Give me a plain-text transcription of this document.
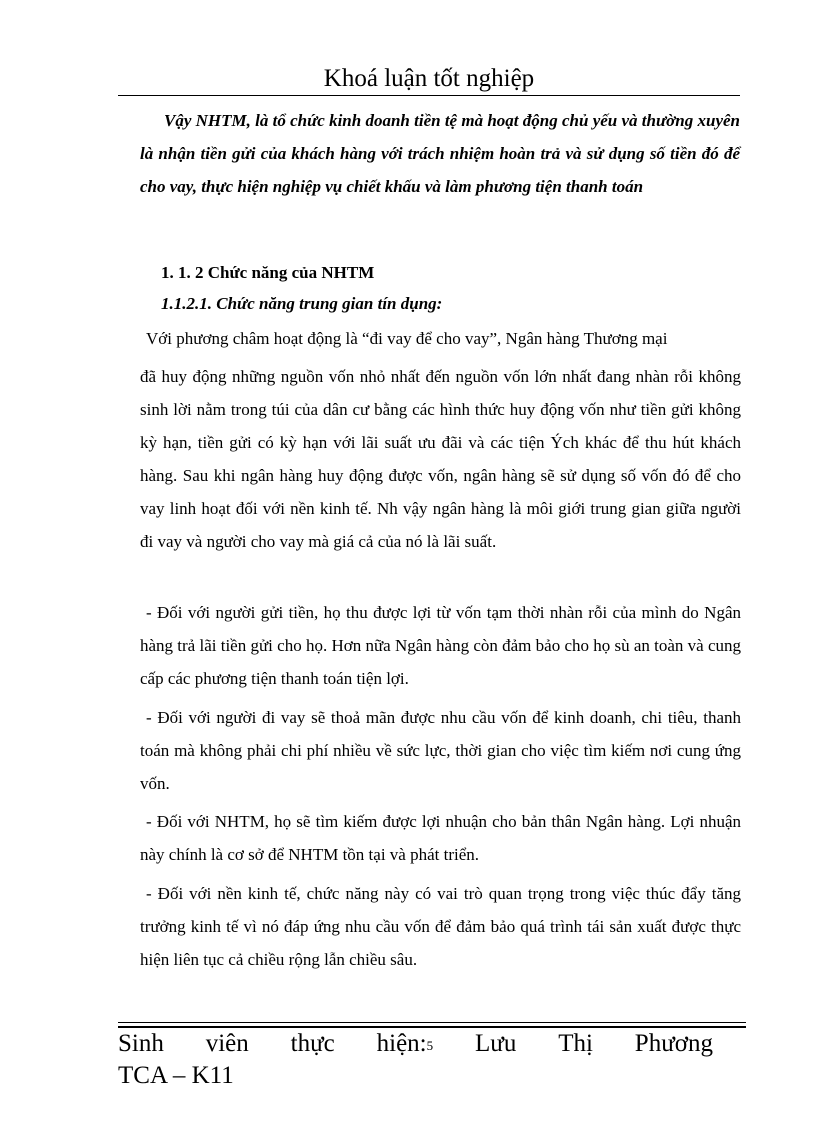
Khoá luận tốt nghiệp
Vậy NHTM, là tổ chức kinh doanh tiền tệ mà hoạt động chủ yếu và thường xuyên là nhận tiền gửi của khách hàng với trách nhiệm hoàn trả và sử dụng số tiền đó để cho vay, thực hiện nghiệp vụ chiết khấu và làm phương tiện thanh toán
1. 1. 2 Chức năng của NHTM
1.1.2.1. Chức năng trung gian tín dụng:
Với phương châm hoạt động là “đi vay để cho vay”, Ngân hàng Thương mại
đã huy động những nguồn vốn nhỏ nhất đến nguồn vốn lớn nhất đang nhàn rỗi không sinh lời nằm trong túi của dân cư bằng các hình thức huy động vốn như tiền gửi không kỳ hạn, tiền gửi có kỳ hạn với lãi suất ưu đãi và các tiện Ých khác để thu hút khách hàng. Sau khi ngân hàng huy động được vốn, ngân hàng sẽ sử dụng số vốn đó để cho vay linh hoạt đối với nền kinh tế. Nh vậy ngân hàng là môi giới trung gian giữa người đi vay và người cho vay mà giá cả của nó là lãi suất.
- Đối với người gửi tiền, họ thu được lợi từ vốn tạm thời nhàn rỗi của mình do Ngân hàng trả lãi tiền gửi cho họ. Hơn nữa Ngân hàng còn đảm bảo cho họ sù an toàn và cung cấp các phương tiện thanh toán tiện lợi.
- Đối với người đi vay sẽ thoả mãn được nhu cầu vốn để kinh doanh, chi tiêu, thanh toán mà không phải chi phí nhiều về sức lực, thời gian cho việc tìm kiếm nơi cung ứng vốn.
- Đối với NHTM, họ sẽ tìm kiếm được lợi nhuận cho bản thân Ngân hàng. Lợi nhuận này chính là cơ sở để NHTM tồn tại và phát triển.
- Đối với nền kinh tế, chức năng này có vai trò quan trọng trong việc thúc đẩy tăng trưởng kinh tế vì nó đáp ứng nhu cầu vốn để đảm bảo quá trình tái sản xuất được thực hiện liên tục cả chiều rộng lẫn chiều sâu.
Sinh viên thực hiện:$^5$ Lưu Thị Phương
TCA – K11
